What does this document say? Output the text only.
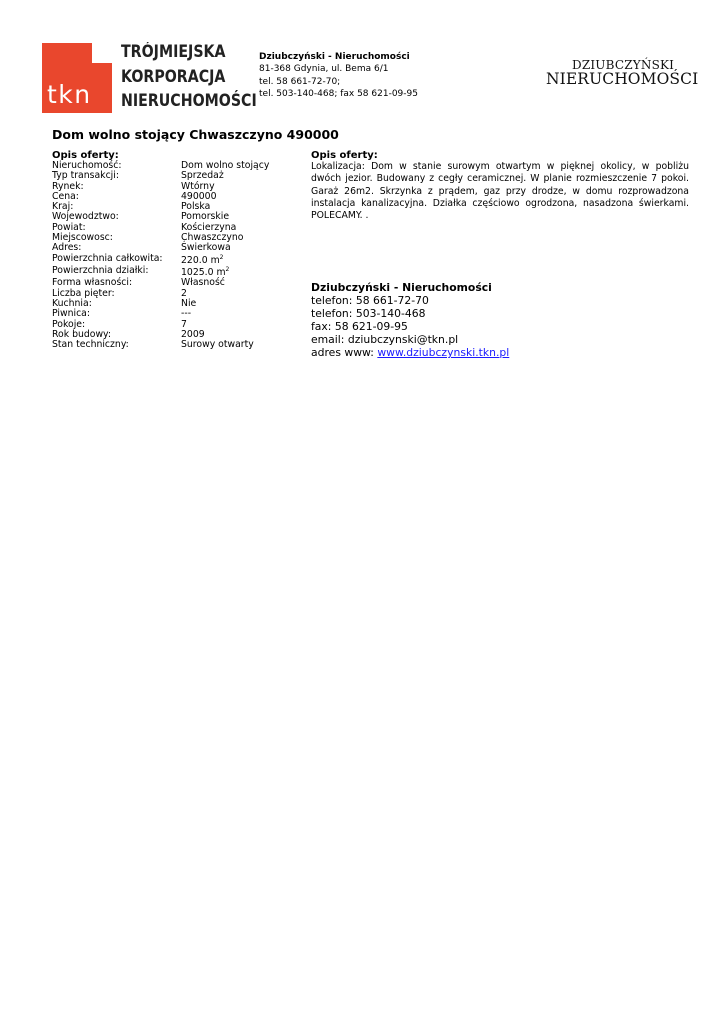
tkn
TRÓJMIEJSKA
KORPORACJA
NIERUCHOMOŚCI
Dziubczyński - Nieruchomości
81-368 Gdynia, ul. Bema 6/1
tel. 58 661-72-70;
tel. 503-140-468; fax 58 621-09-95
DZIUBCZYŃSKI
NIERUCHOMOŚCI
Dom wolno stojący Chwaszczyno 490000
Opis oferty:
Nieruchomość:	Dom wolno stojący
Typ transakcji:	Sprzedaż
Rynek:	Wtórny
Cena:	490000
Kraj:	Polska
Wojewodztwo:	Pomorskie
Powiat:	Kościerzyna
Miejscowosc:	Chwaszczyno
Adres:	Świerkowa
Powierzchnia całkowita: 220.0 $m^2$
Powierzchnia działki:	1025.0 $m^2$
Forma własności:	Własność
Liczba pięter:	2
Kuchnia:	Nie
Piwnica:	---
Pokoje:	7
Rok budowy:	2009
Stan techniczny:	Surowy otwarty
Opis oferty:
Lokalizacja: Dom w stanie surowym otwartym w pięknej okolicy, w pobliżu dwóch jezior. Budowany z cegły ceramicznej. W planie rozmieszczenie 7 pokoi. Garaż 26m2. Skrzynka z prądem, gaz przy drodze, w domu rozprowadzona instalacja kanalizacyjna. Działka częściowo ogrodzona, nasadzona świerkami. POLECAMY. .
Dziubczyński - Nieruchomości
telefon: 58 661-72-70
telefon: 503-140-468
fax: 58 621-09-95
email: dziubczynski@tkn.pl
adres www: www.dziubczynski.tkn.pl
